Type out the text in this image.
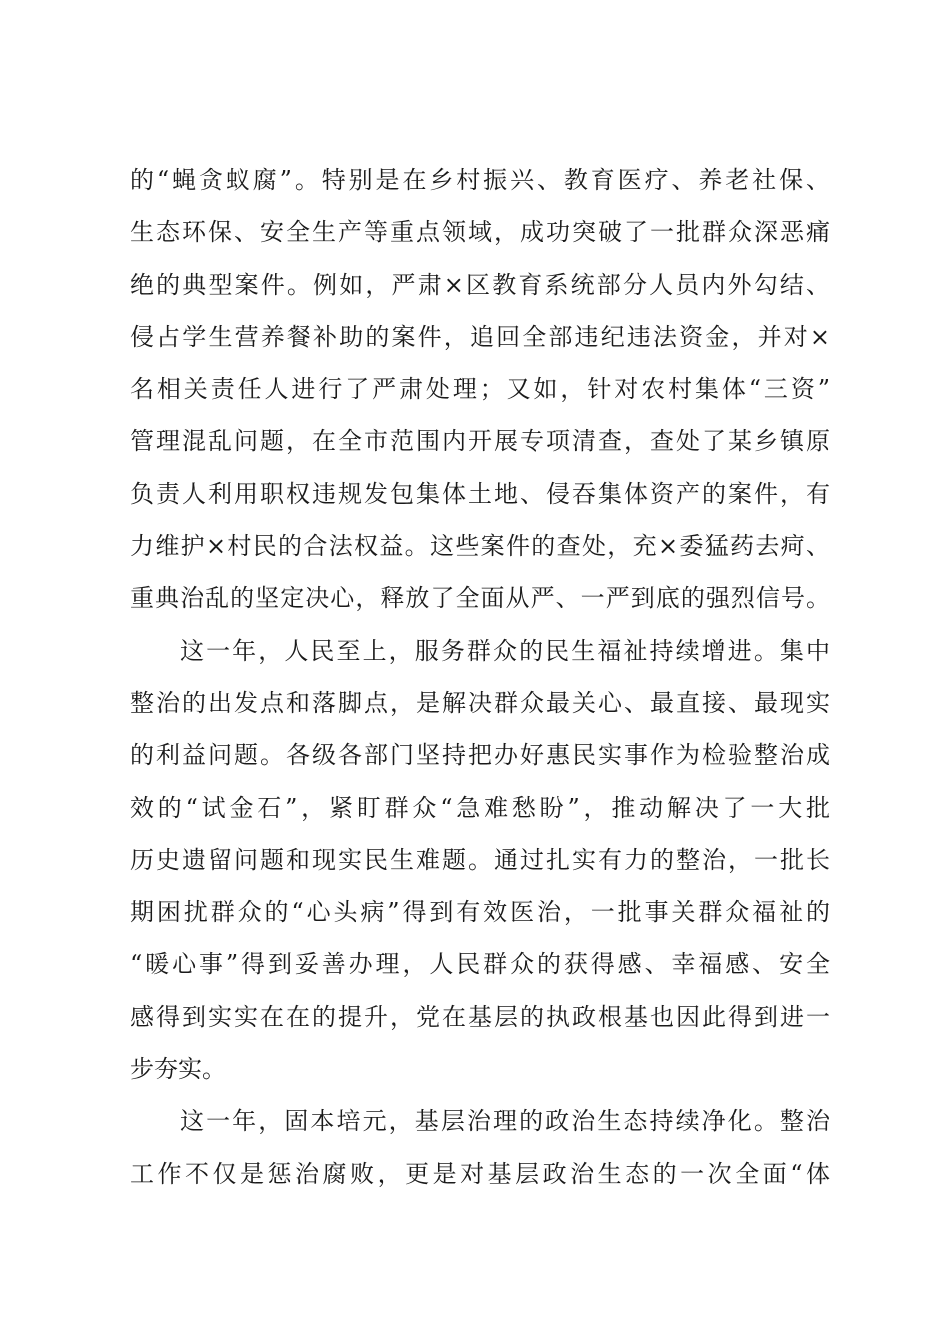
的“蝇贪蚁腐”。特别是在乡村振兴、教育医疗、养老社保、
生态环保、安全生产等重点领域，成功突破了一批群众深恶痛
绝的典型案件。例如，严肃×区教育系统部分人员内外勾结、
侵占学生营养餐补助的案件，追回全部违纪违法资金，并对×
名相关责任人进行了严肃处理；又如，针对农村集体“三资”
管理混乱问题，在全市范围内开展专项清查，查处了某乡镇原
负责人利用职权违规发包集体土地、侵吞集体资产的案件，有
力维护×村民的合法权益。这些案件的查处，充×委猛药去疴、
重典治乱的坚定决心，释放了全面从严、一严到底的强烈信号。
这一年，人民至上，服务群众的民生福祉持续增进。集中
整治的出发点和落脚点，是解决群众最关心、最直接、最现实
的利益问题。各级各部门坚持把办好惠民实事作为检验整治成
效的“试金石”，紧盯群众“急难愁盼”，推动解决了一大批
历史遗留问题和现实民生难题。通过扎实有力的整治，一批长
期困扰群众的“心头病”得到有效医治，一批事关群众福祉的
“暖心事”得到妥善办理，人民群众的获得感、幸福感、安全
感得到实实在在的提升，党在基层的执政根基也因此得到进一
步夯实。
这一年，固本培元，基层治理的政治生态持续净化。整治
工作不仅是惩治腐败，更是对基层政治生态的一次全面“体
